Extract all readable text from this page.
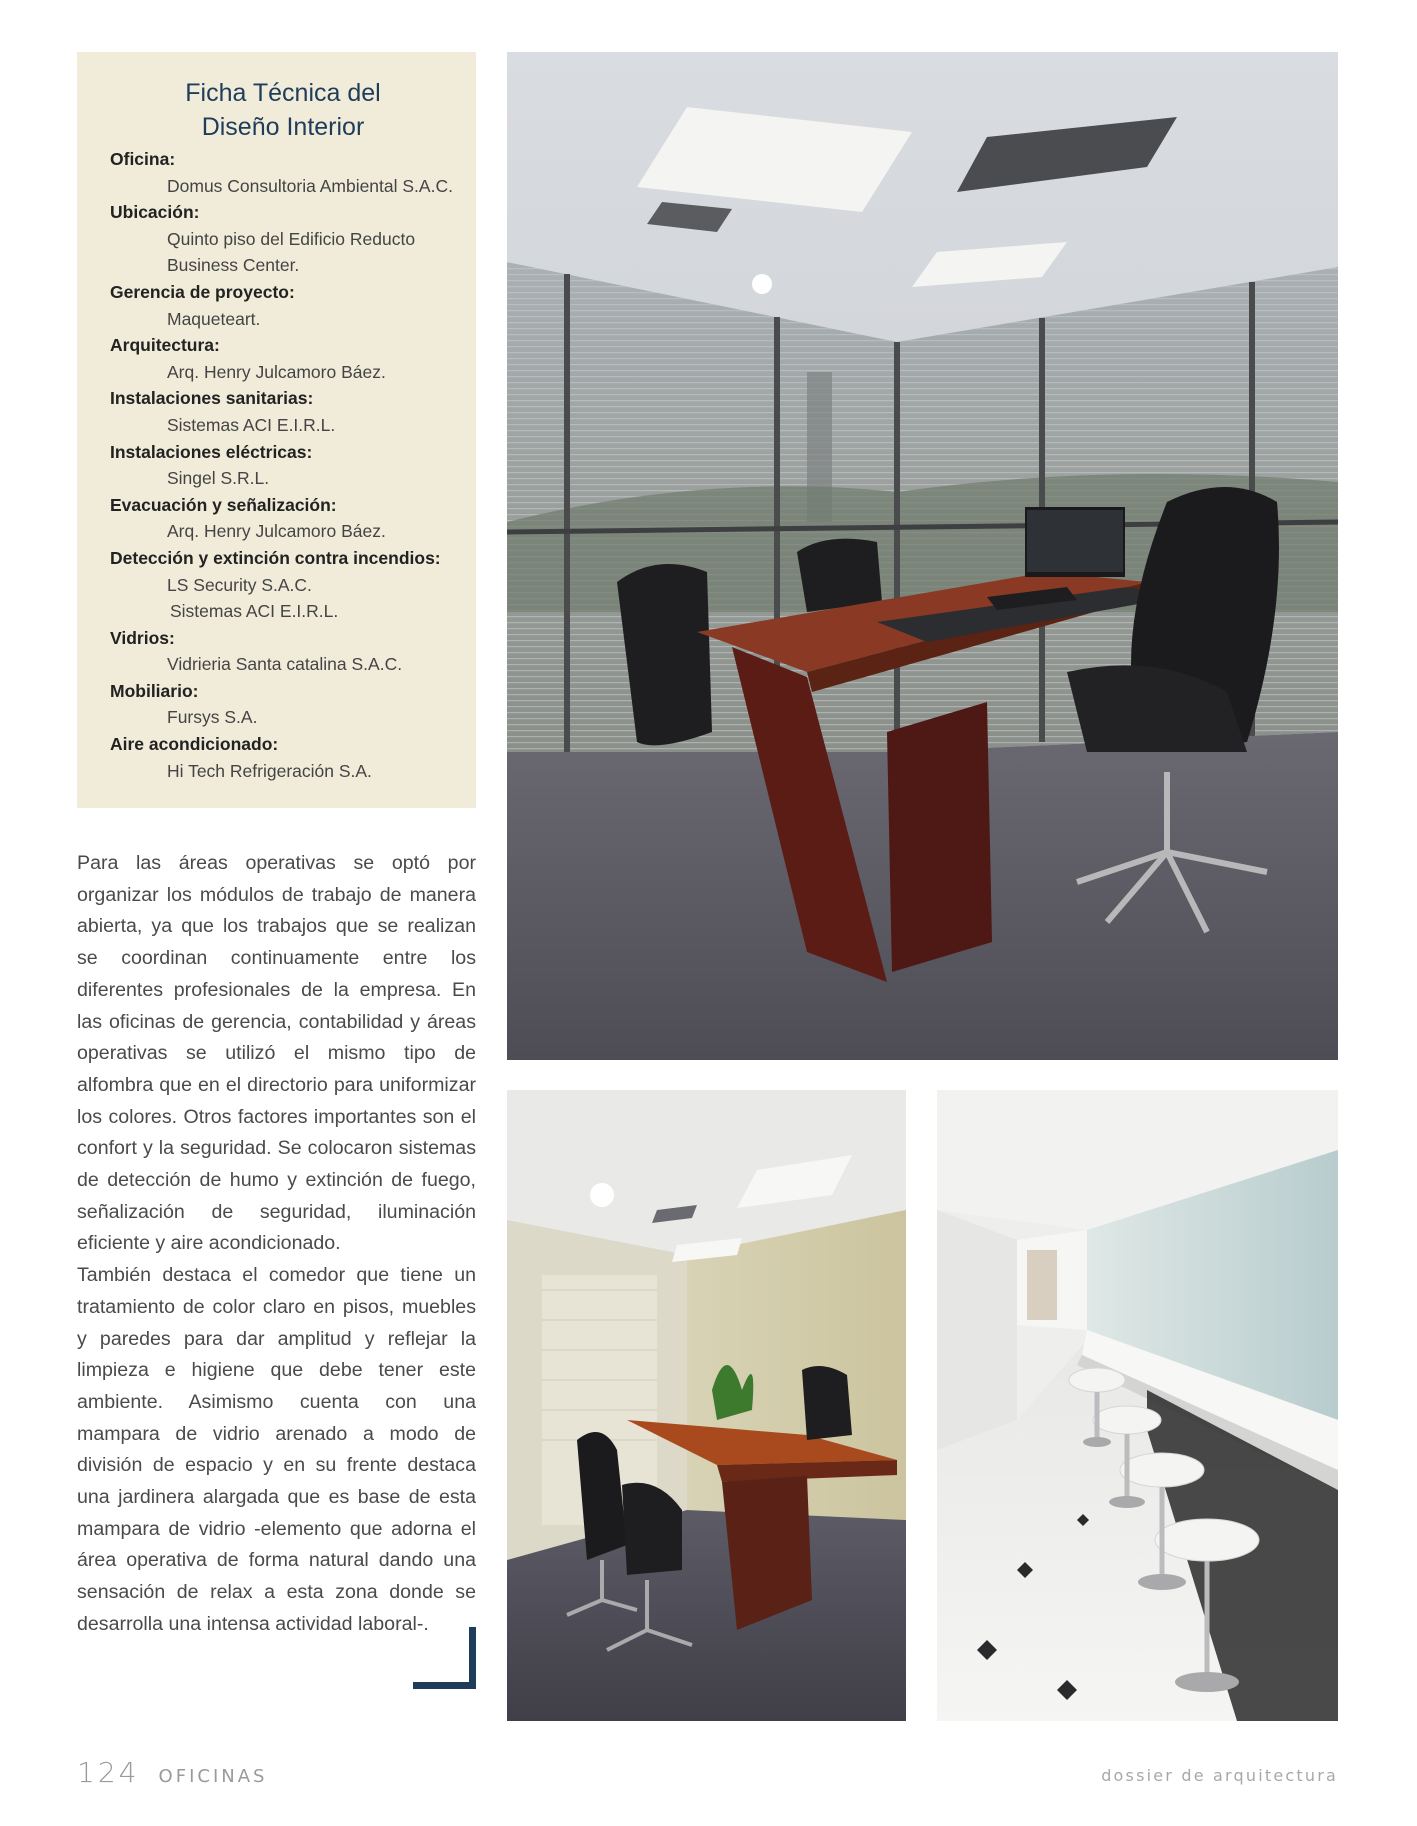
Ficha Técnica del
Diseño Interior
Oficina:
Domus Consultoria Ambiental S.A.C.
Ubicación:
Quinto piso del Edificio Reducto
Business Center.
Gerencia de proyecto:
Maqueteart.
Arquitectura:
Arq. Henry Julcamoro Báez.
Instalaciones sanitarias:
Sistemas ACI E.I.R.L.
Instalaciones eléctricas:
Singel S.R.L.
Evacuación y señalización:
Arq. Henry Julcamoro Báez.
Detección y extinción contra incendios:
LS Security S.A.C.
Sistemas ACI E.I.R.L.
Vidrios:
Vidrieria Santa catalina S.A.C.
Mobiliario:
Fursys S.A.
Aire acondicionado:
Hi Tech Refrigeración S.A.

Para las áreas operativas se optó por organizar los módulos de trabajo de manera abierta, ya que los trabajos que se realizan se coordinan continuamente entre los diferentes profesionales de la empresa. En las oficinas de gerencia, contabilidad y áreas operativas se utilizó el mismo tipo de alfombra que en el directorio para uniformizar los colores. Otros factores importantes son el confort y la seguridad. Se colocaron sistemas de detección de humo y extinción de fuego, señalización de seguridad, iluminación eficiente y aire acondicionado.

También destaca el comedor que tiene un tratamiento de color claro en pisos, muebles y paredes para dar amplitud y reflejar la limpieza e higiene que debe tener este ambiente. Asimismo cuenta con una mampara de vidrio arenado a modo de división de espacio y en su frente destaca una jardinera alargada que es base de esta mampara de vidrio -elemento que adorna el área operativa de forma natural dando una sensación de relax a esta zona donde se desarrolla una intensa actividad laboral-.

124 OFICINAS	dossier de arquitectura
